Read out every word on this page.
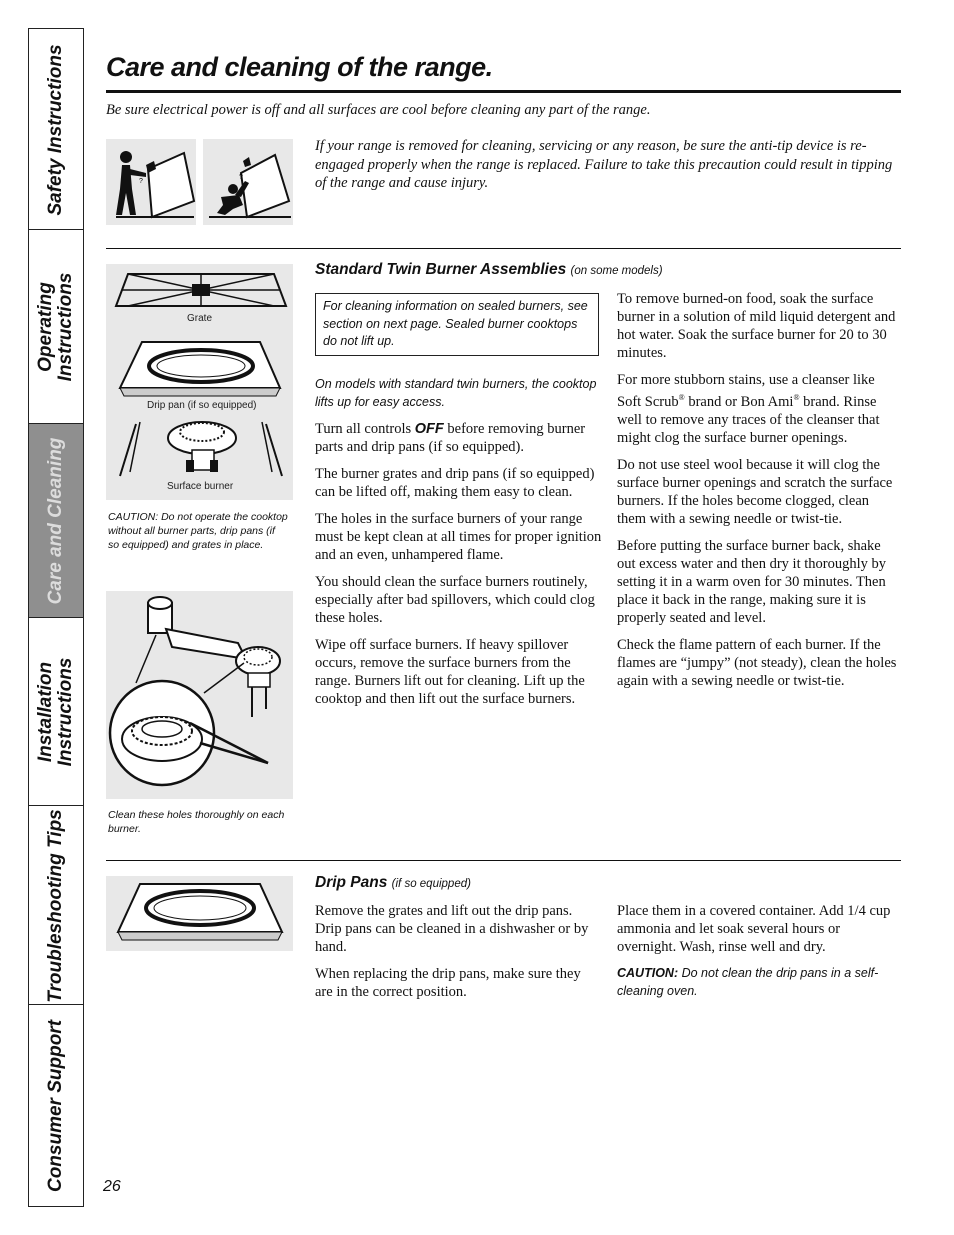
Safety Instructions
Operating Instructions
Care and Cleaning
Installation Instructions
Troubleshooting Tips
Consumer Support
Care and cleaning of the range.
Be sure electrical power is off and all surfaces are cool before cleaning any part of the range.
?
?
If your range is removed for cleaning, servicing or any reason, be sure the anti-tip device is re-engaged properly when the range is replaced. Failure to take this precaution could result in tipping of the range and cause injury.
Grate
Drip pan (if so equipped)
Surface burner
CAUTION: Do not operate the cooktop without all burner parts, drip pans (if so equipped) and grates in place.
Clean these holes thoroughly on each burner.
Standard Twin Burner Assemblies (on some models)
For cleaning information on sealed burners, see section on next page. Sealed burner cooktops do not lift up.

On models with standard twin burners, the cooktop lifts up for easy access.

Turn all controls OFF before removing burner parts and drip pans (if so equipped).

The burner grates and drip pans (if so equipped) can be lifted off, making them easy to clean.

The holes in the surface burners of your range must be kept clean at all times for proper ignition and an even, unhampered flame.

You should clean the surface burners routinely, especially after bad spillovers, which could clog these holes.

Wipe off surface burners. If heavy spillover occurs, remove the surface burners from the range. Burners lift out for cleaning. Lift up the cooktop and then lift out the surface burners.

To remove burned-on food, soak the surface burner in a solution of mild liquid detergent and hot water. Soak the surface burner for 20 to 30 minutes.

For more stubborn stains, use a cleanser like Soft Scrub® brand or Bon Ami® brand. Rinse well to remove any traces of the cleanser that might clog the surface burner openings.

Do not use steel wool because it will clog the surface burner openings and scratch the surface burners. If the holes become clogged, clean them with a sewing needle or twist-tie.

Before putting the surface burner back, shake out excess water and then dry it thoroughly by setting it in a warm oven for 30 minutes. Then place it back in the range, making sure it is properly seated and level.

Check the flame pattern of each burner. If the flames are “jumpy” (not steady), clean the holes again with a sewing needle or twist-tie.

Drip Pans (if so equipped)

Remove the grates and lift out the drip pans. Drip pans can be cleaned in a dishwasher or by hand.

When replacing the drip pans, make sure they are in the correct position.

Place them in a covered container. Add 1/4 cup ammonia and let soak several hours or overnight. Wash, rinse well and dry.

CAUTION: Do not clean the drip pans in a self-cleaning oven.

26
